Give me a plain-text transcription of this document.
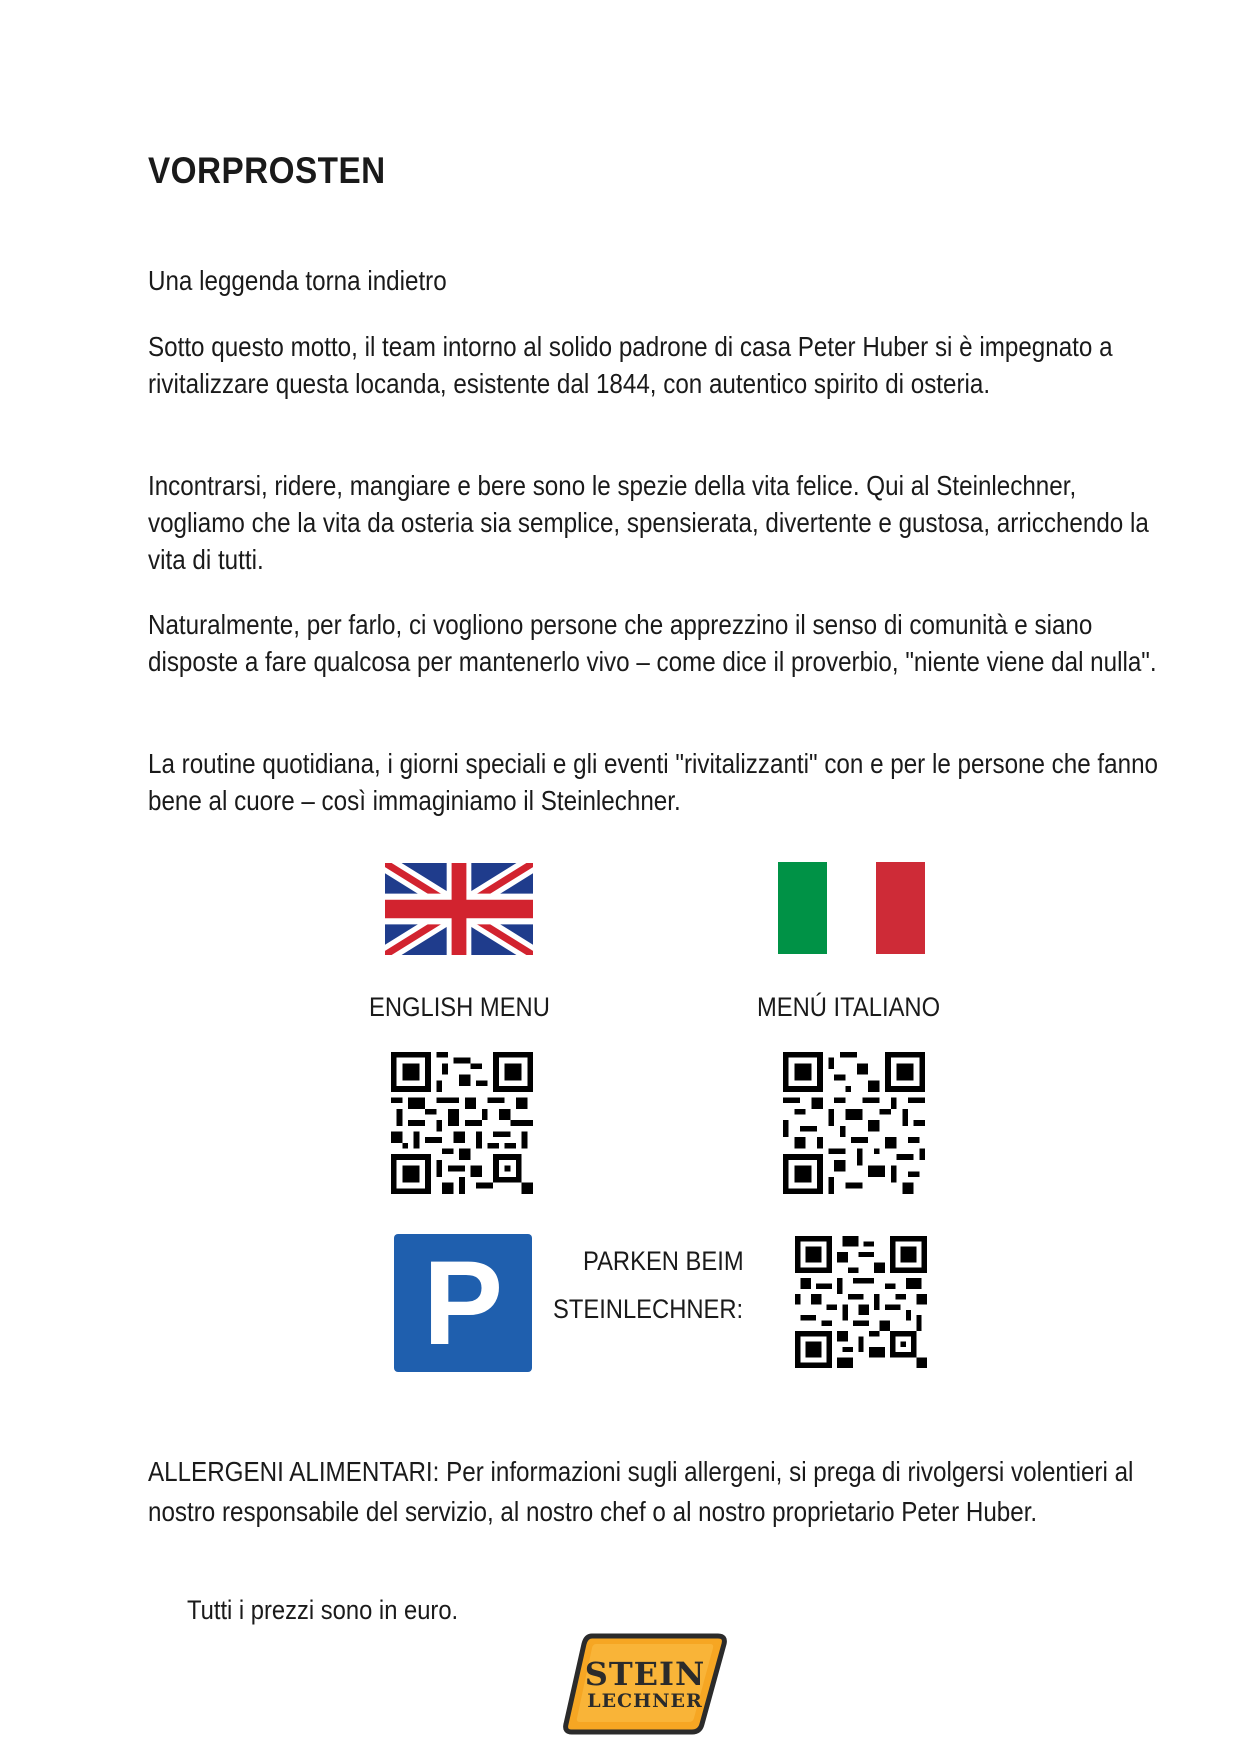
VORPROSTEN
Una leggenda torna indietro
Sotto questo motto, il team intorno al solido padrone di casa Peter Huber si è impegnato a rivitalizzare questa locanda, esistente dal 1844, con autentico spirito di osteria.
Incontrarsi, ridere, mangiare e bere sono le spezie della vita felice. Qui al Steinlechner, vogliamo che la vita da osteria sia semplice, spensierata, divertente e gustosa, arricchendo la vita di tutti.
Naturalmente, per farlo, ci vogliono persone che apprezzino il senso di comunità e siano disposte a fare qualcosa per mantenerlo vivo – come dice il proverbio, "niente viene dal nulla".
La routine quotidiana, i giorni speciali e gli eventi "rivitalizzanti" con e per le persone che fanno bene al cuore – così immaginiamo il Steinlechner.
ENGLISH MENU	MENÚ ITALIANO
P	PARKEN BEIM
STEINLECHNER:
ALLERGENI ALIMENTARI: Per informazioni sugli allergeni, si prega di rivolgersi volentieri al nostro responsabile del servizio, al nostro chef o al nostro proprietario Peter Huber.
Tutti i prezzi sono in euro.
STEIN
LECHNER
